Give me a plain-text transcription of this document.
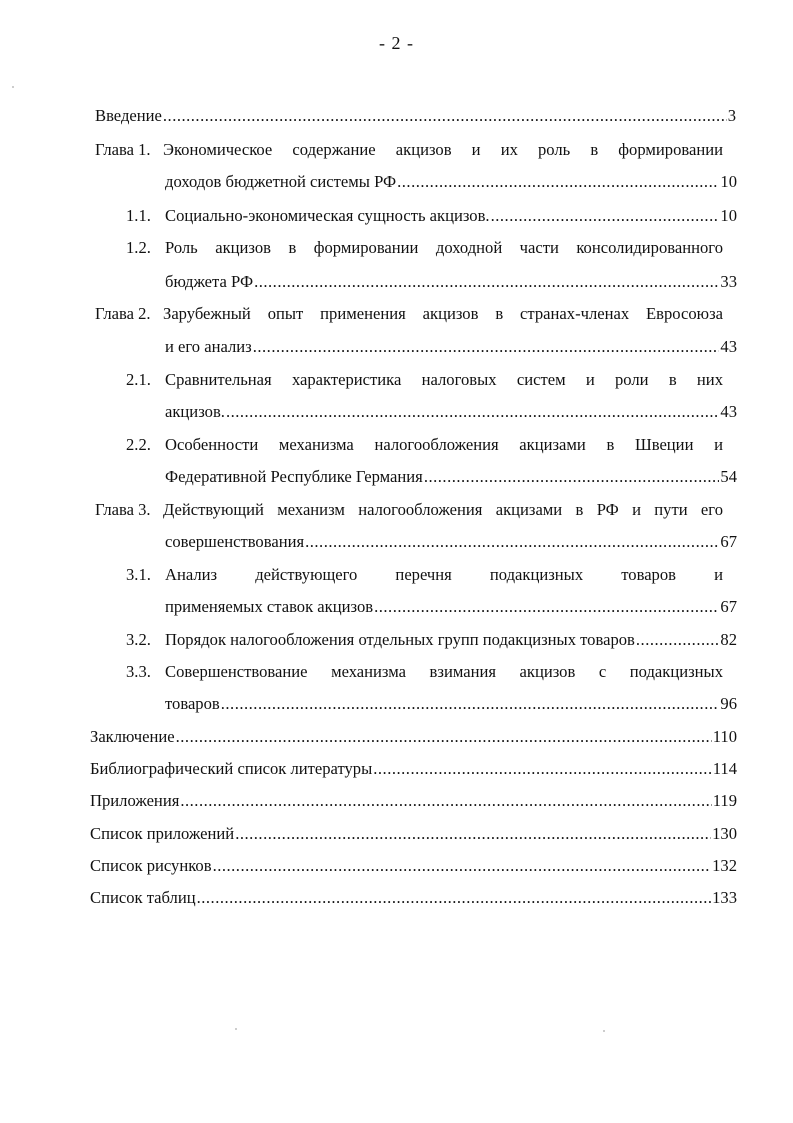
- 2 -
Введение .....	3
Глава 1. Экономическое содержание акцизов и их роль в формировании
доходов бюджетной системы РФ .....	10
1.1. Социально-экономическая сущность акцизов. .....	10
1.2. Роль акцизов в формировании доходной части консолидированного
бюджета РФ .....	33
Глава 2. Зарубежный опыт применения акцизов в странах-членах Евросоюза
и его анализ .....	43
2.1. Сравнительная характеристика налоговых систем и роли в них
акцизов. .....	43
2.2. Особенности механизма налогообложения акцизами в Швеции и
Федеративной Республике Германия .....	54
Глава 3. Действующий механизм налогообложения акцизами в РФ и пути его
совершенствования .....	67
3.1. Анализ действующего перечня подакцизных товаров и
применяемых ставок акцизов .....	67
3.2. Порядок налогообложения отдельных групп подакцизных товаров .....	82
3.3. Совершенствование механизма взимания акцизов с подакцизных
товаров .....	96
Заключение .....	110
Библиографический список литературы .....	114
Приложения .....	119
Список приложений .....	130
Список рисунков .....	132
Список таблиц .....	133
